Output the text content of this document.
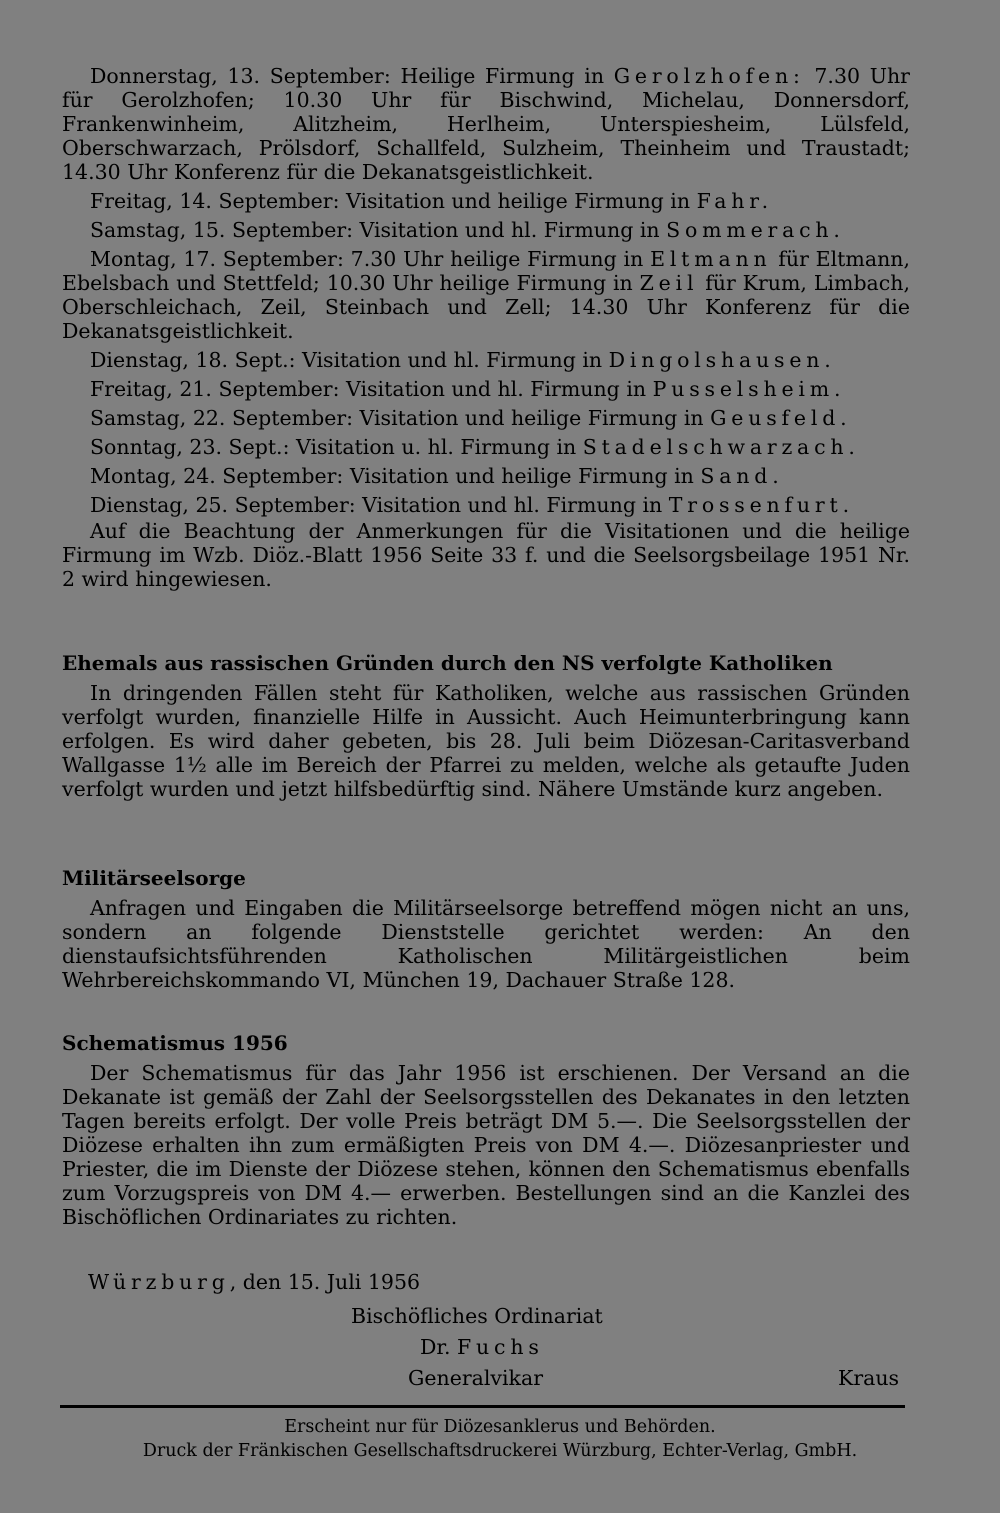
Donnerstag, 13. September: Heilige Firmung in Gerolzhofen: 7.30 Uhr für Gerolzhofen; 10.30 Uhr für Bischwind, Michelau, Donnersdorf, Frankenwinheim, Alitzheim, Herlheim, Unterspiesheim, Lülsfeld, Oberschwarzach, Prölsdorf, Schallfeld, Sulzheim, Theinheim und Traustadt; 14.30 Uhr Konferenz für die Dekanatsgeistlichkeit.

Freitag, 14. September: Visitation und heilige Firmung in Fahr.

Samstag, 15. September: Visitation und hl. Firmung in Sommerach.

Montag, 17. September: 7.30 Uhr heilige Firmung in Eltmann für Eltmann, Ebelsbach und Stettfeld; 10.30 Uhr heilige Firmung in Zeil für Krum, Limbach, Oberschleichach, Zeil, Steinbach und Zell; 14.30 Uhr Konferenz für die Dekanatsgeistlichkeit.

Dienstag, 18. Sept.: Visitation und hl. Firmung in Dingolshausen.

Freitag, 21. September: Visitation und hl. Firmung in Pusselsheim.

Samstag, 22. September: Visitation und heilige Firmung in Geusfeld.

Sonntag, 23. Sept.: Visitation u. hl. Firmung in Stadelschwarzach.

Montag, 24. September: Visitation und heilige Firmung in Sand.

Dienstag, 25. September: Visitation und hl. Firmung in Trossenfurt.

Auf die Beachtung der Anmerkungen für die Visitationen und die heilige Firmung im Wzb. Diöz.-Blatt 1956 Seite 33 f. und die Seelsorgsbeilage 1951 Nr. 2 wird hingewiesen.

Ehemals aus rassischen Gründen durch den NS verfolgte Katholiken

In dringenden Fällen steht für Katholiken, welche aus rassischen Gründen verfolgt wurden, finanzielle Hilfe in Aussicht. Auch Heimunterbringung kann erfolgen. Es wird daher gebeten, bis 28. Juli beim Diözesan-Caritasverband Wallgasse 1½ alle im Bereich der Pfarrei zu melden, welche als getaufte Juden verfolgt wurden und jetzt hilfsbedürftig sind. Nähere Umstände kurz angeben.

Militärseelsorge

Anfragen und Eingaben die Militärseelsorge betreffend mögen nicht an uns, sondern an folgende Dienststelle gerichtet werden: An den dienstaufsichtsführenden Katholischen Militärgeistlichen beim Wehrbereichskommando VI, München 19, Dachauer Straße 128.

Schematismus 1956

Der Schematismus für das Jahr 1956 ist erschienen. Der Versand an die Dekanate ist gemäß der Zahl der Seelsorgsstellen des Dekanates in den letzten Tagen bereits erfolgt. Der volle Preis beträgt DM 5.—. Die Seelsorgsstellen der Diözese erhalten ihn zum ermäßigten Preis von DM 4.—. Diözesanpriester und Priester, die im Dienste der Diözese stehen, können den Schematismus ebenfalls zum Vorzugspreis von DM 4.— erwerben. Bestellungen sind an die Kanzlei des Bischöflichen Ordinariates zu richten.

Würzburg, den 15. Juli 1956
Bischöfliches Ordinariat
Dr. Fuchs
Generalvikar	Kraus
Erscheint nur für Diözesanklerus und Behörden.
Druck der Fränkischen Gesellschaftsdruckerei Würzburg, Echter-Verlag, GmbH.
